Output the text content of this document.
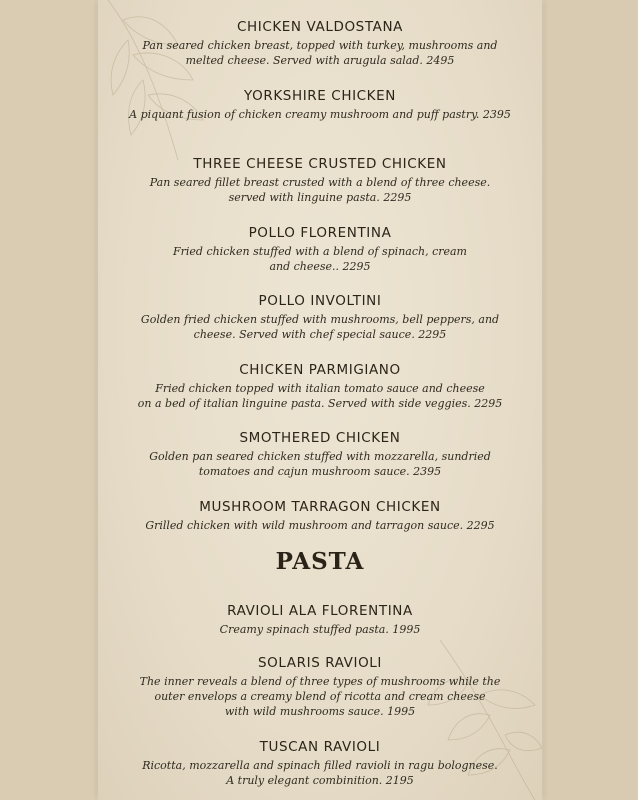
CHICKEN VALDOSTANA
Pan seared chicken breast, topped with turkey, mushrooms and
melted cheese. Served with arugula salad. 2495
YORKSHIRE CHICKEN
A piquant fusion of chicken creamy mushroom and puff pastry. 2395
THREE CHEESE CRUSTED CHICKEN
Pan seared fillet breast crusted with a blend of three cheese.
served with linguine pasta. 2295
POLLO FLORENTINA
Fried chicken stuffed with a blend of spinach, cream
and cheese.. 2295
POLLO INVOLTINI
Golden fried chicken stuffed with mushrooms, bell peppers, and
cheese. Served with chef special sauce. 2295
CHICKEN PARMIGIANO
Fried chicken topped with italian tomato sauce and cheese
on a bed of italian linguine pasta. Served with side veggies. 2295
SMOTHERED CHICKEN
Golden pan seared chicken stuffed with mozzarella, sundried
tomatoes and cajun mushroom sauce. 2395
MUSHROOM TARRAGON CHICKEN
Grilled chicken with wild mushroom and tarragon sauce. 2295
PASTA
RAVIOLI ALA FLORENTINA
Creamy spinach stuffed pasta. 1995
SOLARIS RAVIOLI
The inner reveals a blend of three types of mushrooms while the
outer envelops a creamy blend of ricotta and cream cheese
with wild mushrooms sauce. 1995
TUSCAN RAVIOLI
Ricotta, mozzarella and spinach filled ravioli in ragu bolognese.
A truly elegant combinition. 2195
